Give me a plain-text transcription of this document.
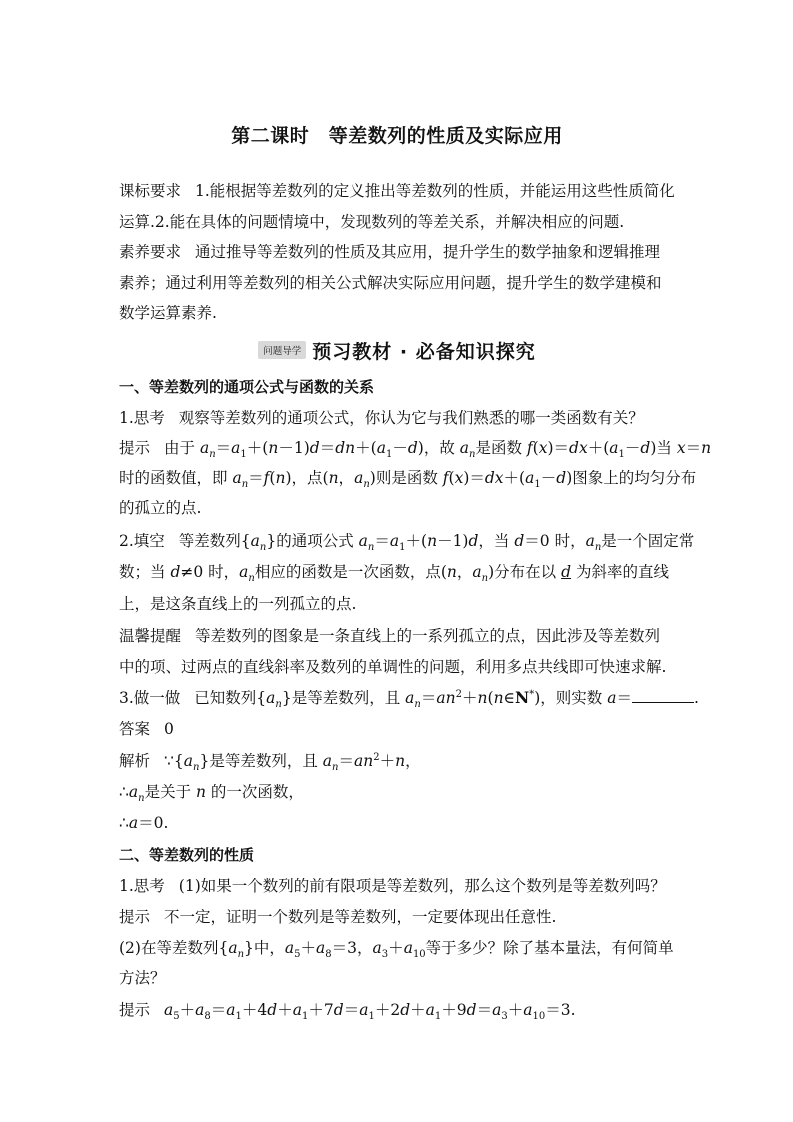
第二课时　等差数列的性质及实际应用
课标要求 1.能根据等差数列的定义推出等差数列的性质，并能运用这些性质简化运算.2.能在具体的问题情境中，发现数列的等差关系，并解决相应的问题.
素养要求 通过推导等差数列的性质及其应用，提升学生的数学抽象和逻辑推理素养；通过利用等差数列的相关公式解决实际应用问题，提升学生的数学建模和数学运算素养.
问题导学 预习教材 · 必备知识探究
一、等差数列的通项公式与函数的关系
1.思考 观察等差数列的通项公式，你认为它与我们熟悉的哪一类函数有关？
提示 由于 $a_n=a_1+(n-1)d=dn+(a_1-d)$，故 $a_n$是函数 $f(x)=dx+(a_1-d)$当 x＝n
时的函数值，即 $a_n=f(n)$，点(n，$a_n$)则是函数 $f(x)=dx+(a_1-d)$图象上的均匀分布
的孤立的点.
2.填空 等差数列$\{a_n\}$的通项公式 $a_n=a_1+(n-1)d$，当 d＝0 时，$a_n$是一个固定常
数；当 d≠0 时，$a_n$相应的函数是一次函数，点(n，$a_n$)分布在以 d 为斜率的直线
上，是这条直线上的一列孤立的点.
温馨提醒 等差数列的图象是一条直线上的一系列孤立的点，因此涉及等差数列中的项、过两点的直线斜率及数列的单调性的问题，利用多点共线即可快速求解.
3.做一做 已知数列$\{a_n\}$是等差数列，且 $a_n=an^2+n(n\in N^*)$，则实数 a＝	.
答案 0
解析 $\because\{a_n\}$是等差数列，且 $a_n=an^2+n$，
$\therefore a_n$是关于 n 的一次函数，
∴a＝0.
二、等差数列的性质
1.思考 (1)如果一个数列的前有限项是等差数列，那么这个数列是等差数列吗？
提示 不一定，证明一个数列是等差数列，一定要体现出任意性.
(2)在等差数列$\{a_n\}$中，$a_5+a_8=3$，$a_3+a_{10}$等于多少？除了基本量法，有何简单
方法？
提示 $a_5+a_8=a_1+4d+a_1+7d=a_1+2d+a_1+9d=a_3+a_{10}=3$.
